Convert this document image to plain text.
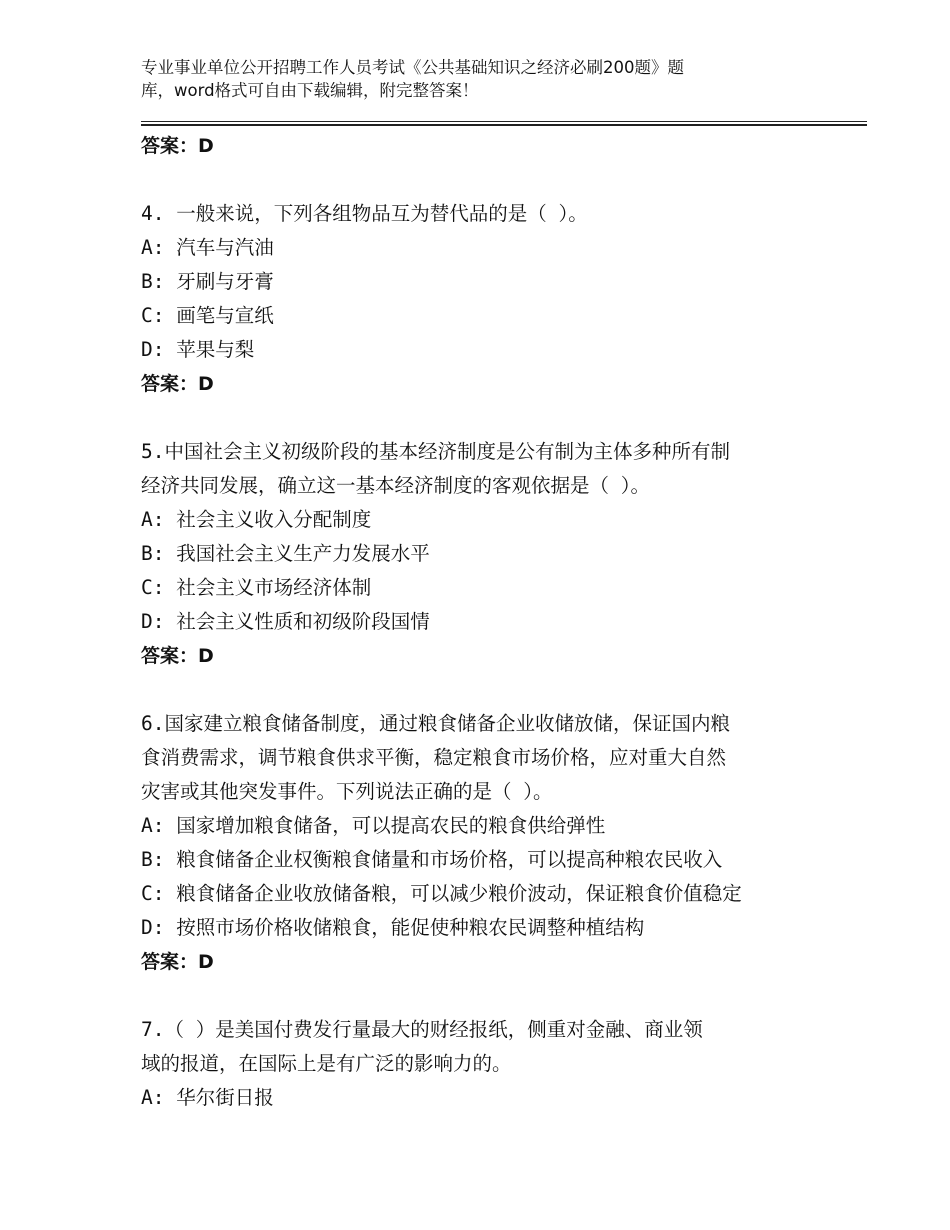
专业事业单位公开招聘工作人员考试《公共基础知识之经济必刷200题》题
库，word格式可自由下载编辑，附完整答案！
答案：D
4. 一般来说，下列各组物品互为替代品的是（ ）。
A: 汽车与汽油
B: 牙刷与牙膏
C: 画笔与宣纸
D: 苹果与梨
答案：D
5.中国社会主义初级阶段的基本经济制度是公有制为主体多种所有制
经济共同发展，确立这一基本经济制度的客观依据是（ ）。
A: 社会主义收入分配制度
B: 我国社会主义生产力发展水平
C: 社会主义市场经济体制
D: 社会主义性质和初级阶段国情
答案：D
6.国家建立粮食储备制度，通过粮食储备企业收储放储，保证国内粮
食消费需求，调节粮食供求平衡，稳定粮食市场价格，应对重大自然
灾害或其他突发事件。下列说法正确的是（ ）。
A: 国家增加粮食储备，可以提高农民的粮食供给弹性
B: 粮食储备企业权衡粮食储量和市场价格，可以提高种粮农民收入
C: 粮食储备企业收放储备粮，可以减少粮价波动，保证粮食价值稳定
D: 按照市场价格收储粮食，能促使种粮农民调整种植结构
答案：D
7.（ ）是美国付费发行量最大的财经报纸，侧重对金融、商业领
域的报道，在国际上是有广泛的影响力的。
A: 华尔街日报
